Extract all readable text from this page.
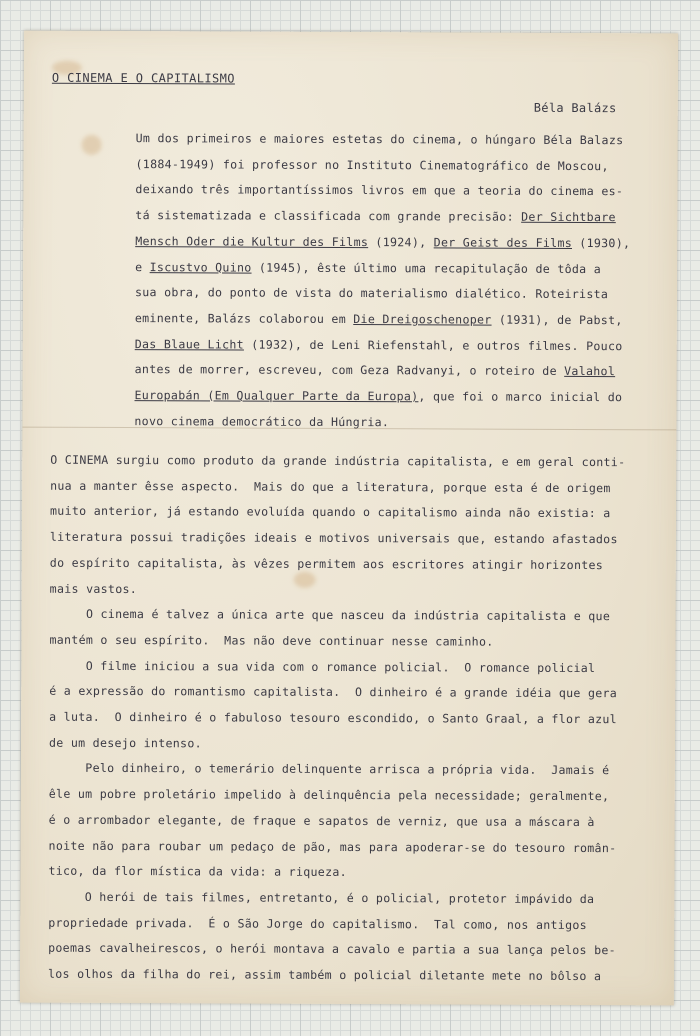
O CINEMA E O CAPITALISMO
Béla Balázs
Um dos primeiros e maiores estetas do cinema, o húngaro Béla Balazs
(1884-1949) foi professor no Instituto Cinematográfico de Moscou,
deixando três importantíssimos livros em que a teoria do cinema es-
tá sistematizada e classificada com grande precisão: Der Sichtbare
Mensch Oder die Kultur des Films (1924), Der Geist des Films (1930),
e Iscustvo Quino (1945), êste último uma recapitulação de tôda a
sua obra, do ponto de vista do materialismo dialético. Roteirista
eminente, Balázs colaborou em Die Dreigoschenoper (1931), de Pabst,
Das Blaue Licht (1932), de Leni Riefenstahl, e outros filmes. Pouco
antes de morrer, escreveu, com Geza Radvanyi, o roteiro de Valahol
Europabán (Em Qualquer Parte da Europa), que foi o marco inicial do
novo cinema democrático da Húngria.
O CINEMA surgiu como produto da grande indústria capitalista, e em geral conti-
nua a manter êsse aspecto.  Mais do que a literatura, porque esta é de origem
muito anterior, já estando evoluída quando o capitalismo ainda não existia: a
literatura possui tradições ideais e motivos universais que, estando afastados
do espírito capitalista, às vêzes permitem aos escritores atingir horizontes
mais vastos.
O cinema é talvez a única arte que nasceu da indústria capitalista e que
mantém o seu espírito.  Mas não deve continuar nesse caminho.
O filme iniciou a sua vida com o romance policial.  O romance policial
é a expressão do romantismo capitalista.  O dinheiro é a grande idéia que gera
a luta.  O dinheiro é o fabuloso tesouro escondido, o Santo Graal, a flor azul
de um desejo intenso.
Pelo dinheiro, o temerário delinquente arrisca a própria vida.  Jamais é
êle um pobre proletário impelido à delinquência pela necessidade; geralmente,
é o arrombador elegante, de fraque e sapatos de verniz, que usa a máscara à
noite não para roubar um pedaço de pão, mas para apoderar-se do tesouro român-
tico, da flor mística da vida: a riqueza.
O herói de tais filmes, entretanto, é o policial, protetor impávido da
propriedade privada.  É o São Jorge do capitalismo.  Tal como, nos antigos
poemas cavalheirescos, o herói montava a cavalo e partia a sua lança pelos be-
los olhos da filha do rei, assim também o policial diletante mete no bôlso a
